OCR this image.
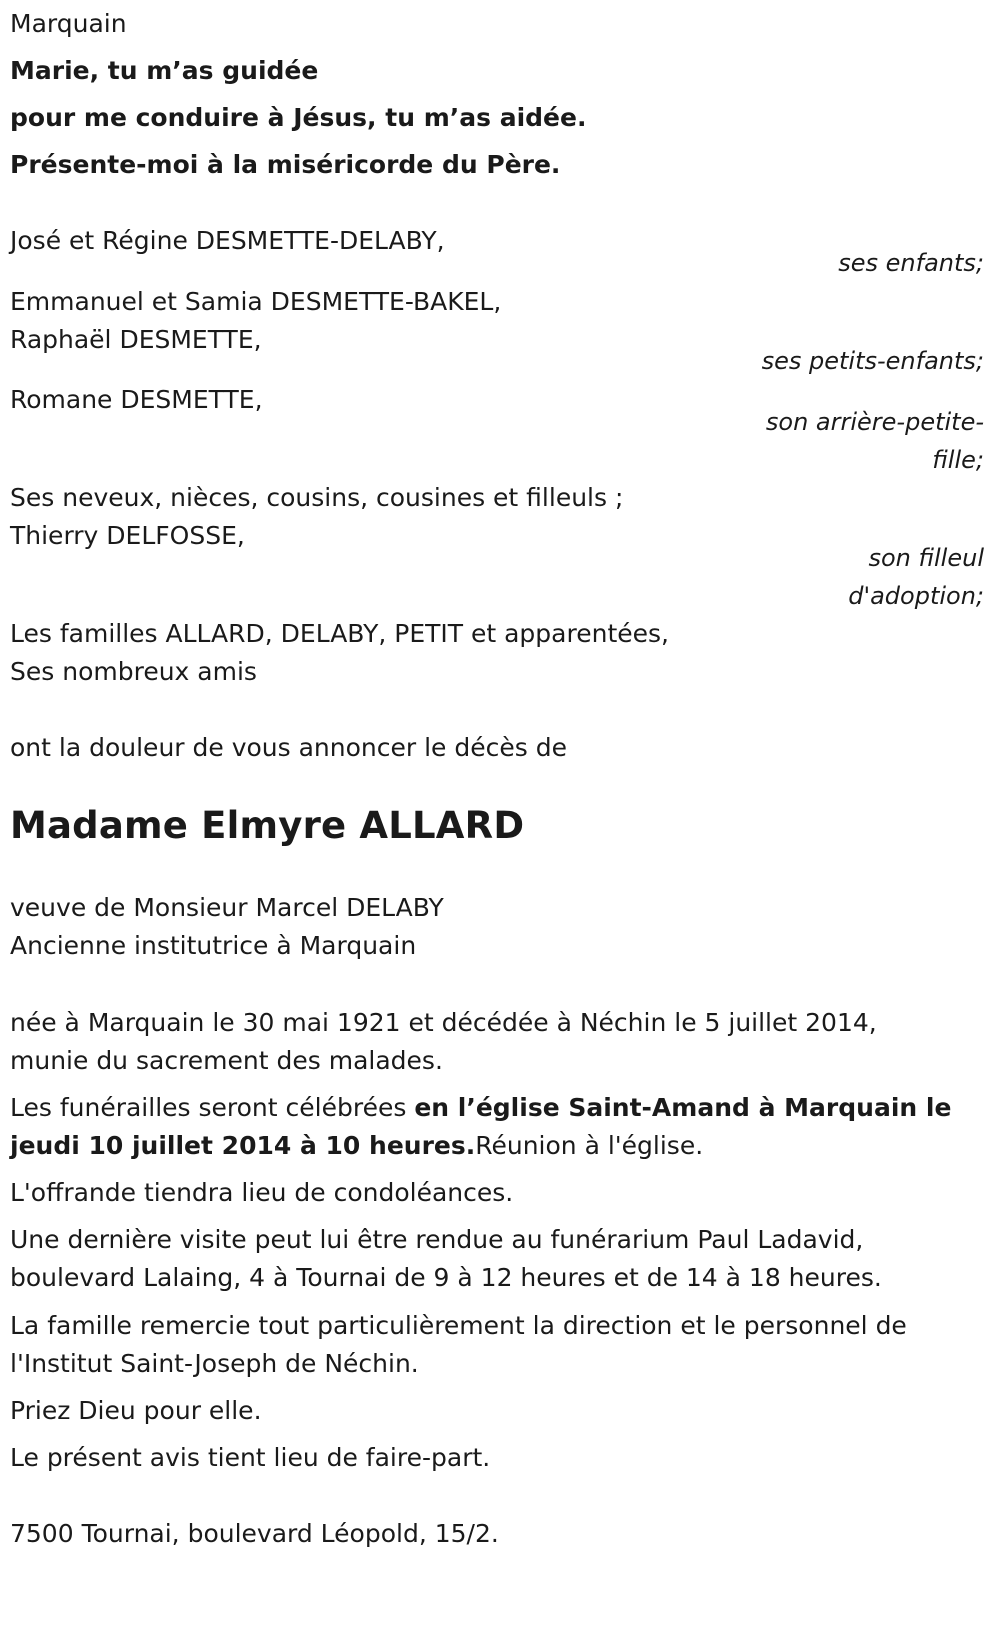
Marquain
Marie, tu m’as guidée
pour me conduire à Jésus, tu m’as aidée.
Présente-moi à la miséricorde du Père.
José et Régine DESMETTE-DELABY,
ses enfants;
Emmanuel et Samia DESMETTE-BAKEL,
Raphaël DESMETTE,
ses petits-enfants;
Romane DESMETTE,
son arrière-petite-
fille;
Ses neveux, nièces, cousins, cousines et filleuls ;
Thierry DELFOSSE,
son filleul
d'adoption;
Les familles ALLARD, DELABY, PETIT et apparentées,
Ses nombreux amis
ont la douleur de vous annoncer le décès de
Madame Elmyre ALLARD
veuve de Monsieur Marcel DELABY
Ancienne institutrice à Marquain
née à Marquain le 30 mai 1921 et décédée à Néchin le 5 juillet 2014,
munie du sacrement des malades.
Les funérailles seront célébrées en l’église Saint-Amand à Marquain le
jeudi 10 juillet 2014 à 10 heures.Réunion à l'église.
L'offrande tiendra lieu de condoléances.
Une dernière visite peut lui être rendue au funérarium Paul Ladavid,
boulevard Lalaing, 4 à Tournai de 9 à 12 heures et de 14 à 18 heures.
La famille remercie tout particulièrement la direction et le personnel de
l'Institut Saint-Joseph de Néchin.
Priez Dieu pour elle.
Le présent avis tient lieu de faire-part.
7500 Tournai, boulevard Léopold, 15/2.
